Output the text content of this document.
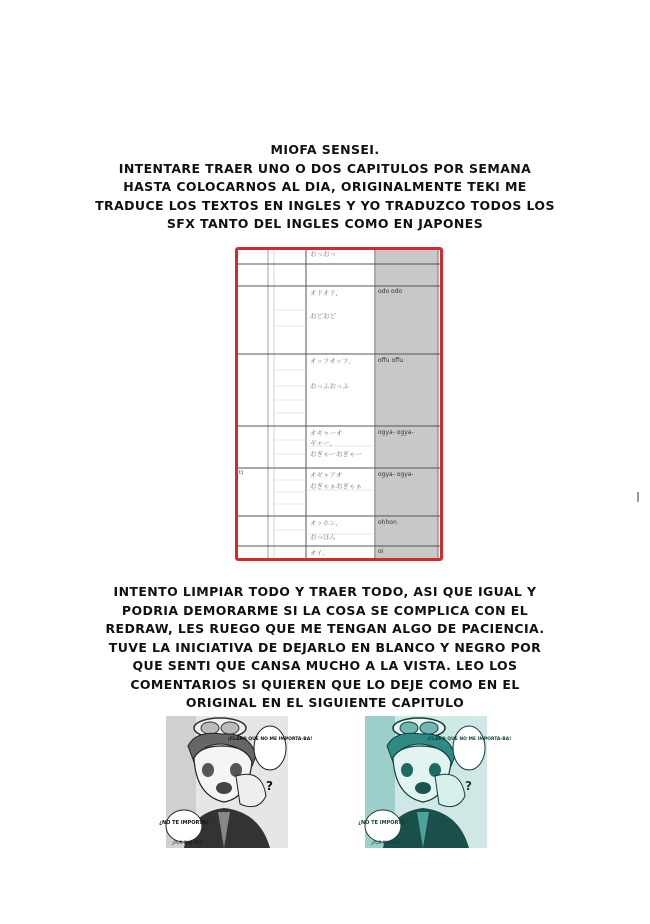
MIOFA SENSEI.
INTENTARE TRAER UNO O DOS CAPITULOS POR SEMANA
HASTA COLOCARNOS AL DIA, ORIGINALMENTE TEKI ME
TRADUCE LOS TEXTOS EN INGLES Y YO TRADUZCO TODOS LOS
SFX TANTO DEL INGLES COMO EN JAPONES
おっおっ
オドオド、
おどおど
オッフオッフ、
おっふおっふ
オギャーオ
ギャー、
おぎゃーおぎゃー
オギャアオ
おぎゃぁおぎゃぁ
オッホン、
おっほん
オイ、
odo odo
offu offu
ogya- ogya-
ogya- ogya-
ohhon
oi
t)
INTENTO LIMPIAR TODO Y TRAER TODO, ASI QUE IGUAL Y
PODRIA DEMORARME SI LA COSA SE COMPLICA CON EL
REDRAW, LES RUEGO QUE ME TENGAN ALGO DE PACIENCIA.
TUVE LA INICIATIVA DE DEJARLO EN BLANCO Y NEGRO POR
QUE SENTI QUE CANSA MUCHO A LA VISTA. LEO LOS
COMENTARIOS SI QUIEREN QUE LO DEJE COMO EN EL
ORIGINAL EN EL SIGUIENTE CAPITULO
¡CLARO QUE NO ME IMPORTA-BA!
¿NO TE IMPORTA?
?
¿POR QUÉ NO?
¡CLARO QUE NO ME IMPORTA-BA!
¿NO TE IMPORTA?
?
¿POR QUÉ NO?
